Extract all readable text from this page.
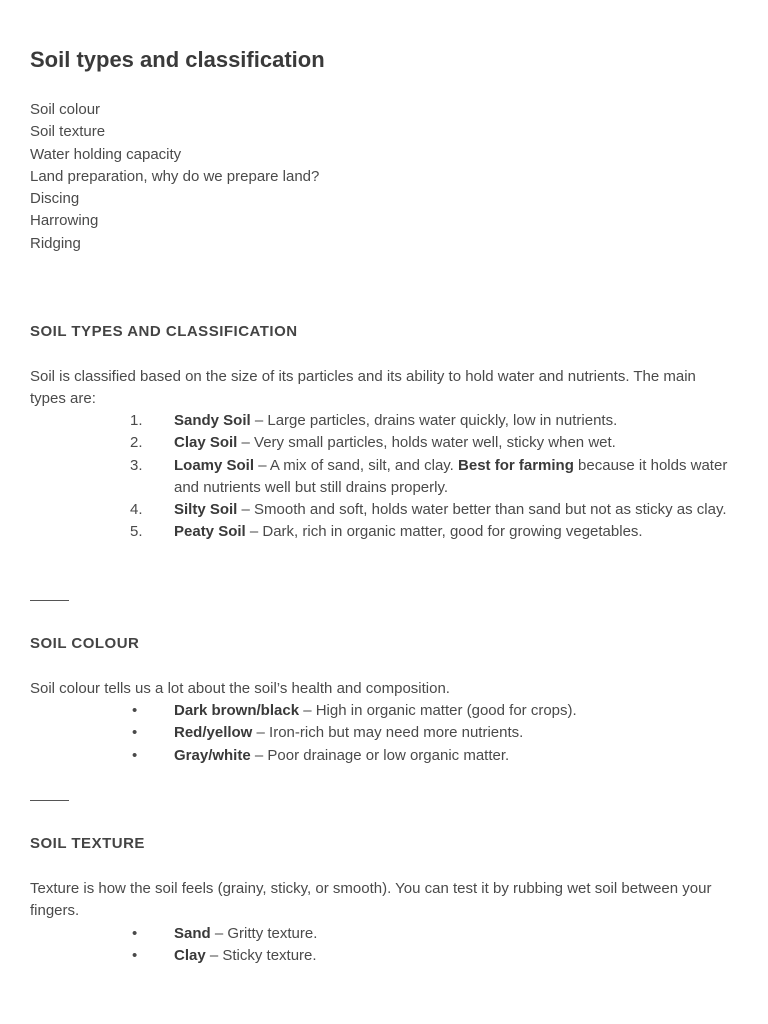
Soil types and classification
Soil colour
Soil texture
Water holding capacity
Land preparation, why do we prepare land?
Discing
Harrowing
Ridging
SOIL TYPES AND CLASSIFICATION

Soil is classified based on the size of its particles and its ability to hold water and nutrients. The main types are:

1. Sandy Soil – Large particles, drains water quickly, low in nutrients.
2. Clay Soil – Very small particles, holds water well, sticky when wet.
3. Loamy Soil – A mix of sand, silt, and clay. Best for farming because it holds water and nutrients well but still drains properly.
4. Silty Soil – Smooth and soft, holds water better than sand but not as sticky as clay.
5. Peaty Soil – Dark, rich in organic matter, good for growing vegetables.
SOIL COLOUR

Soil colour tells us a lot about the soil’s health and composition.

• Dark brown/black – High in organic matter (good for crops).
• Red/yellow – Iron-rich but may need more nutrients.
• Gray/white – Poor drainage or low organic matter.
SOIL TEXTURE

Texture is how the soil feels (grainy, sticky, or smooth). You can test it by rubbing wet soil between your fingers.

• Sand – Gritty texture.
• Clay – Sticky texture.
